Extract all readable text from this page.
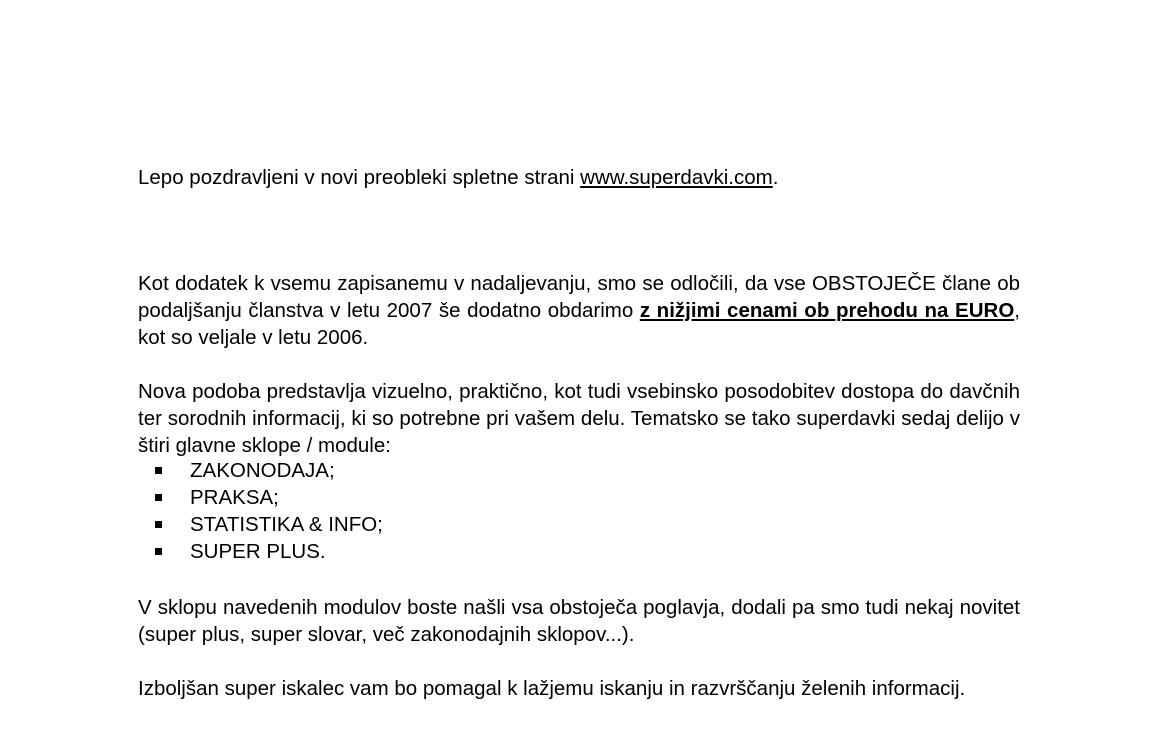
Lepo pozdravljeni v novi preobleki spletne strani www.superdavki.com.

Kot dodatek k vsemu zapisanemu v nadaljevanju, smo se odločili, da vse OBSTOJEČE člane ob podaljšanju članstva v letu 2007 še dodatno obdarimo z nižjimi cenami ob prehodu na EURO, kot so veljale v letu 2006.

Nova podoba predstavlja vizuelno, praktično, kot tudi vsebinsko posodobitev dostopa do davčnih ter sorodnih informacij, ki so potrebne pri vašem delu. Tematsko se tako superdavki sedaj delijo v štiri glavne sklope / module:

ZAKONODAJA;
PRAKSA;
STATISTIKA & INFO;
SUPER PLUS.

V sklopu navedenih modulov boste našli vsa obstoječa poglavja, dodali pa smo tudi nekaj novitet (super plus, super slovar, več zakonodajnih sklopov...).

Izboljšan super iskalec vam bo pomagal k lažjemu iskanju in razvrščanju želenih informacij.
